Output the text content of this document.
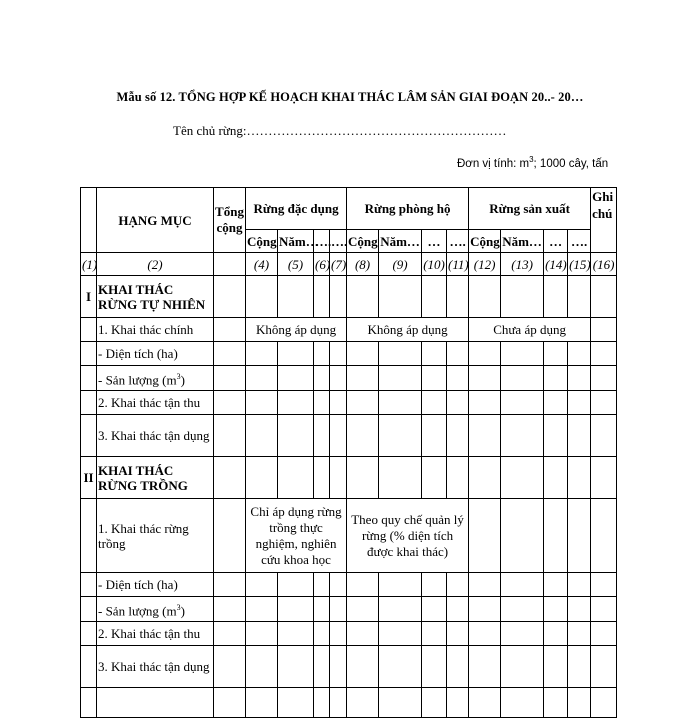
Mẫu số 12. TỔNG HỢP KẾ HOẠCH KHAI THÁC LÂM SẢN GIAI ĐOẠN 20..- 20…
Tên chủ rừng:……………………………………………………
Đơn vị tính: $m^3$; 1000 cây, tấn
	HẠNG MỤC	Tổng cộng	Rừng đặc dụng				Rừng phòng hộ				Rừng sản xuất				Ghi chú
			Cộng	Năm…	….	….	Cộng	Năm…	…	….	Cộng	Năm…	…	….	
(1)	(2)		(4)	(5)	(6)	(7)	(8)	(9)	(10)	(11)	(12)	(13)	(14)	(15)	(16)
I	KHAI THÁC RỪNG TỰ NHIÊN														
	1. Khai thác chính		Không áp dụng				Không áp dụng				Chưa áp dụng				
	- Diện tích (ha)														
	- Sản lượng $(m^3)$														
	2. Khai thác tận thu														
	3. Khai thác tận dụng														
II	KHAI THÁC RỪNG TRỒNG														
	1. Khai thác rừng trồng		Chỉ áp dụng rừng trồng thực nghiệm, nghiên cứu khoa học				Theo quy chế quản lý rừng (% diện tích được khai thác)								
	- Diện tích (ha)														
	- Sản lượng $(m^3)$														
	2. Khai thác tận thu														
	3. Khai thác tận dụng														
